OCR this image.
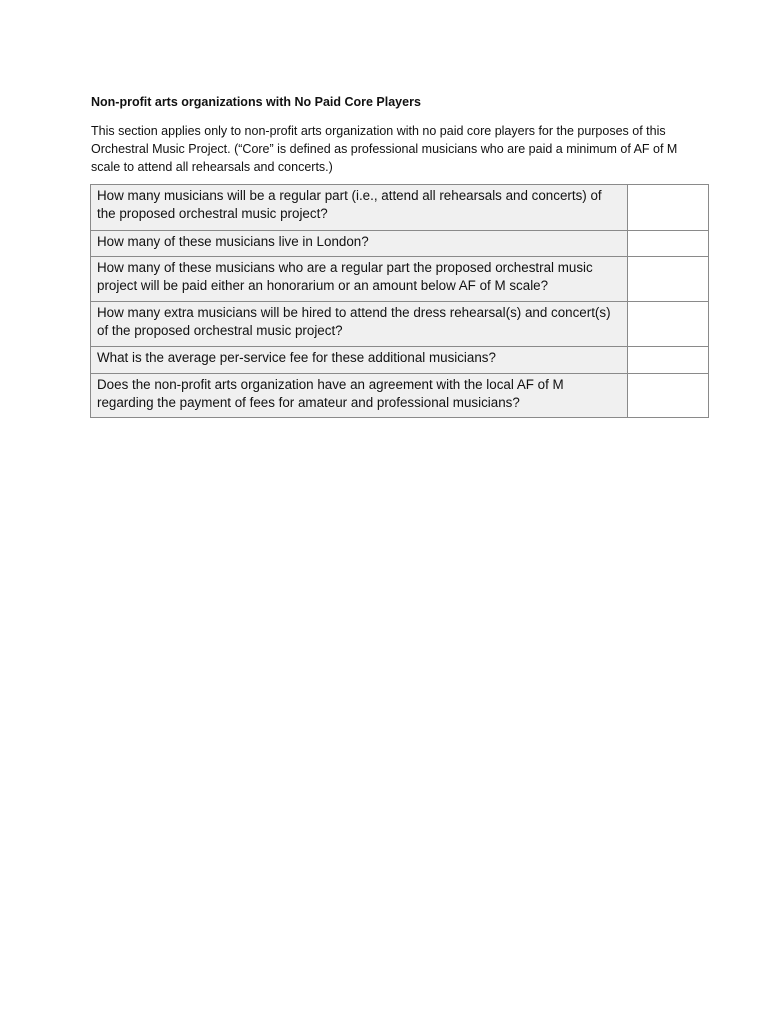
Non-profit arts organizations with No Paid Core Players
This section applies only to non-profit arts organization with no paid core players for the purposes of this Orchestral Music Project. (“Core” is defined as professional musicians who are paid a minimum of AF of M scale to attend all rehearsals and concerts.)
How many musicians will be a regular part (i.e., attend all rehearsals and concerts) of the proposed orchestral music project?	
How many of these musicians live in London?	
How many of these musicians who are a regular part the proposed orchestral music project will be paid either an honorarium or an amount below AF of M scale?	
How many extra musicians will be hired to attend the dress rehearsal(s) and concert(s) of the proposed orchestral music project?	
What is the average per-service fee for these additional musicians?	
Does the non-profit arts organization have an agreement with the local AF of M regarding the payment of fees for amateur and professional musicians?	
